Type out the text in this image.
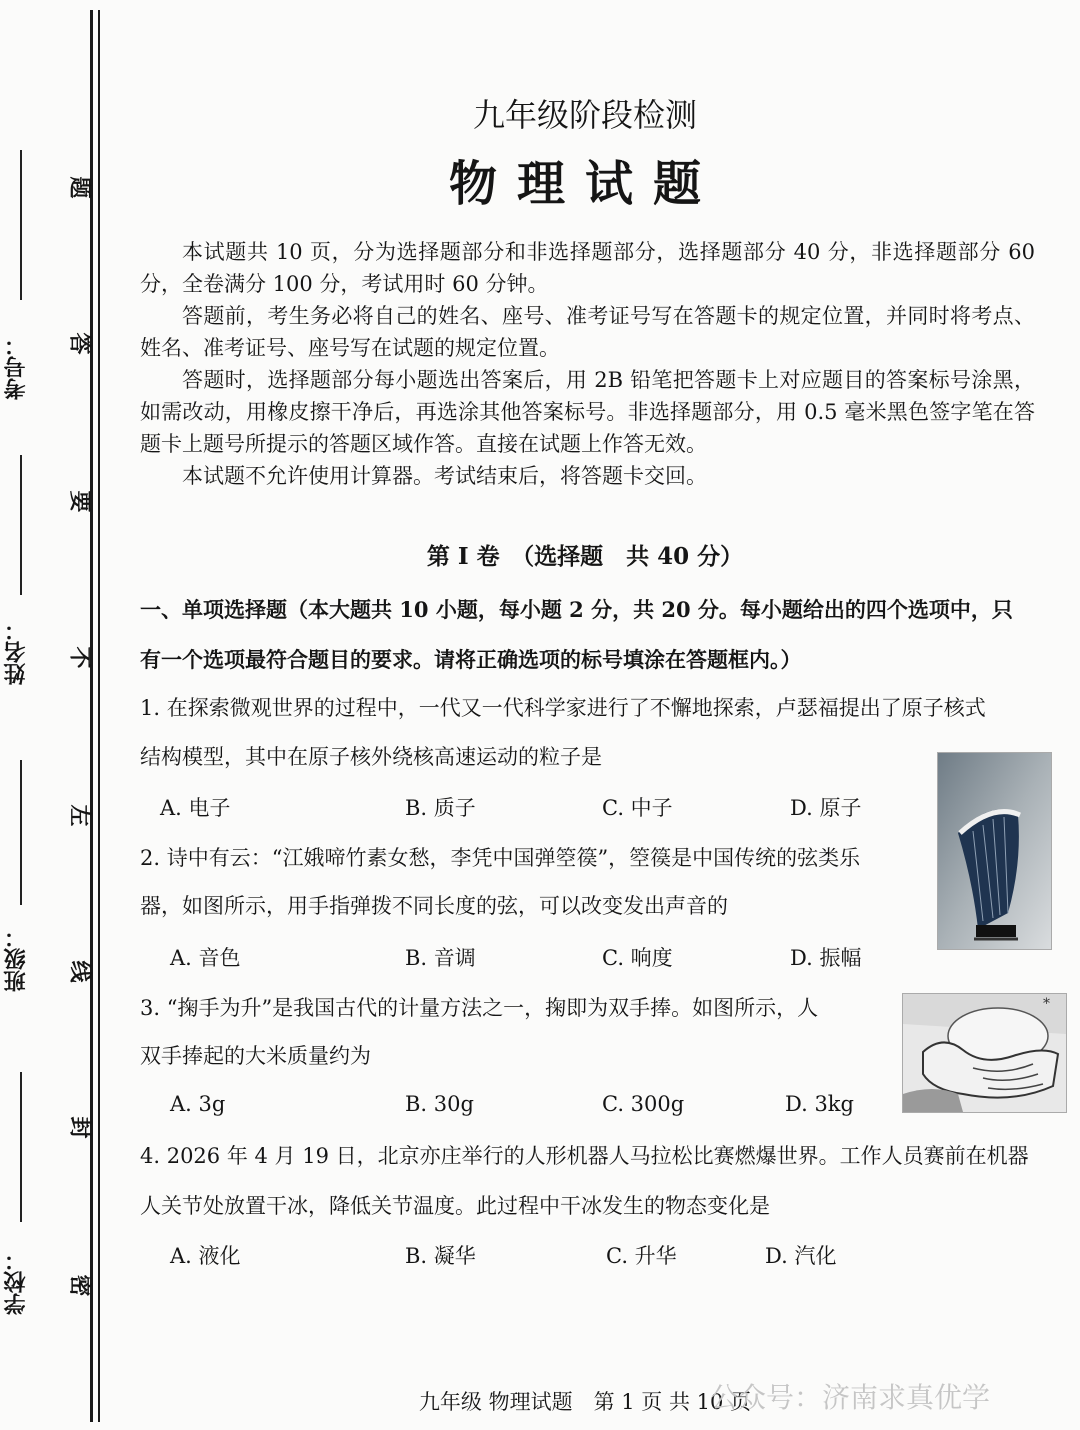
考号：
姓名：
班级：
学校：
题
答
要
不
左
线
封
密
九年级阶段检测
物理试题

本试题共 10 页，分为选择题部分和非选择题部分，选择题部分 40 分，非选择题部分 60 分，全卷满分 100 分，考试用时 60 分钟。

答题前，考生务必将自己的姓名、座号、准考证号写在答题卡的规定位置，并同时将考点、姓名、准考证号、座号写在试题的规定位置。

答题时，选择题部分每小题选出答案后，用 2B 铅笔把答题卡上对应题目的答案标号涂黑，如需改动，用橡皮擦干净后，再选涂其他答案标号。非选择题部分，用 0.5 毫米黑色签字笔在答题卡上题号所提示的答题区域作答。直接在试题上作答无效。

本试题不允许使用计算器。考试结束后，将答题卡交回。

第 I 卷　（选择题　共 40 分）
一、单项选择题（本大题共 10 小题，每小题 2 分，共 20 分。每小题给出的四个选项中，只
有一个选项最符合题目的要求。请将正确选项的标号填涂在答题框内。）
1. 在探索微观世界的过程中，一代又一代科学家进行了不懈地探索，卢瑟福提出了原子核式
结构模型，其中在原子核外绕核高速运动的粒子是
A. 电子	B. 质子	C. 中子	D. 原子
2. 诗中有云：“江娥啼竹素女愁，李凭中国弹箜篌”，箜篌是中国传统的弦类乐
器，如图所示，用手指弹拨不同长度的弦，可以改变发出声音的
A. 音色	B. 音调	C. 响度	D. 振幅
3. “掬手为升”是我国古代的计量方法之一，掬即为双手捧。如图所示，人
双手捧起的大米质量约为
A. 3g	B. 30g	C. 300g	D. 3kg
4. 2026 年 4 月 19 日，北京亦庄举行的人形机器人马拉松比赛燃爆世界。工作人员赛前在机器
人关节处放置干冰，降低关节温度。此过程中干冰发生的物态变化是
A. 液化	B. 凝华	C. 升华	D. 汽化
*
九年级 物理试题　第 1 页 共 10 页
公众号：济南求真优学
